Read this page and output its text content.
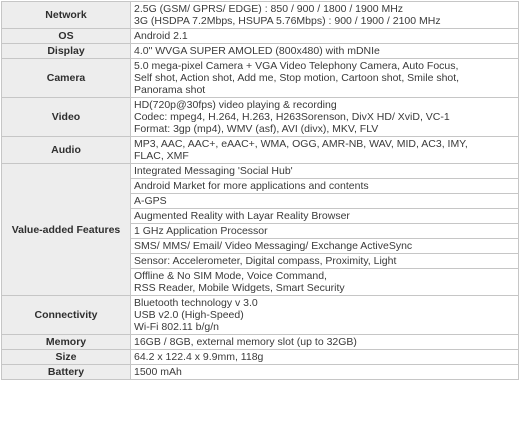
Network	2.5G (GSM/ GPRS/ EDGE) : 850 / 900 / 1800 / 1900 MHz
3G (HSDPA 7.2Mbps, HSUPA 5.76Mbps) : 900 / 1900 / 2100 MHz

OS	Android 2.1

Display	4.0" WVGA SUPER AMOLED (800x480) with mDNIe

Camera	5.0 mega-pixel Camera + VGA Video Telephony Camera, Auto Focus,
Self shot, Action shot, Add me, Stop motion, Cartoon shot, Smile shot,
Panorama shot

Video	HD(720p@30fps) video playing & recording
Codec: mpeg4, H.264, H.263, H263Sorenson, DivX HD/ XviD, VC-1
Format: 3gp (mp4), WMV (asf), AVI (divx), MKV, FLV

Audio	MP3, AAC, AAC+, eAAC+, WMA, OGG, AMR-NB, WAV, MID, AC3, IMY,
FLAC, XMF

Value-added Features	Integrated Messaging 'Social Hub'

	Android Market for more applications and contents

	A-GPS

	Augmented Reality with Layar Reality Browser

	1 GHz Application Processor

	SMS/ MMS/ Email/ Video Messaging/ Exchange ActiveSync

	Sensor: Accelerometer, Digital compass, Proximity, Light

	Offline & No SIM Mode, Voice Command,
RSS Reader, Mobile Widgets, Smart Security

Connectivity	Bluetooth technology v 3.0
USB v2.0 (High-Speed)
Wi-Fi 802.11 b/g/n

Memory	16GB / 8GB, external memory slot (up to 32GB)

Size	64.2 x 122.4 x 9.9mm, 118g

Battery	1500 mAh
